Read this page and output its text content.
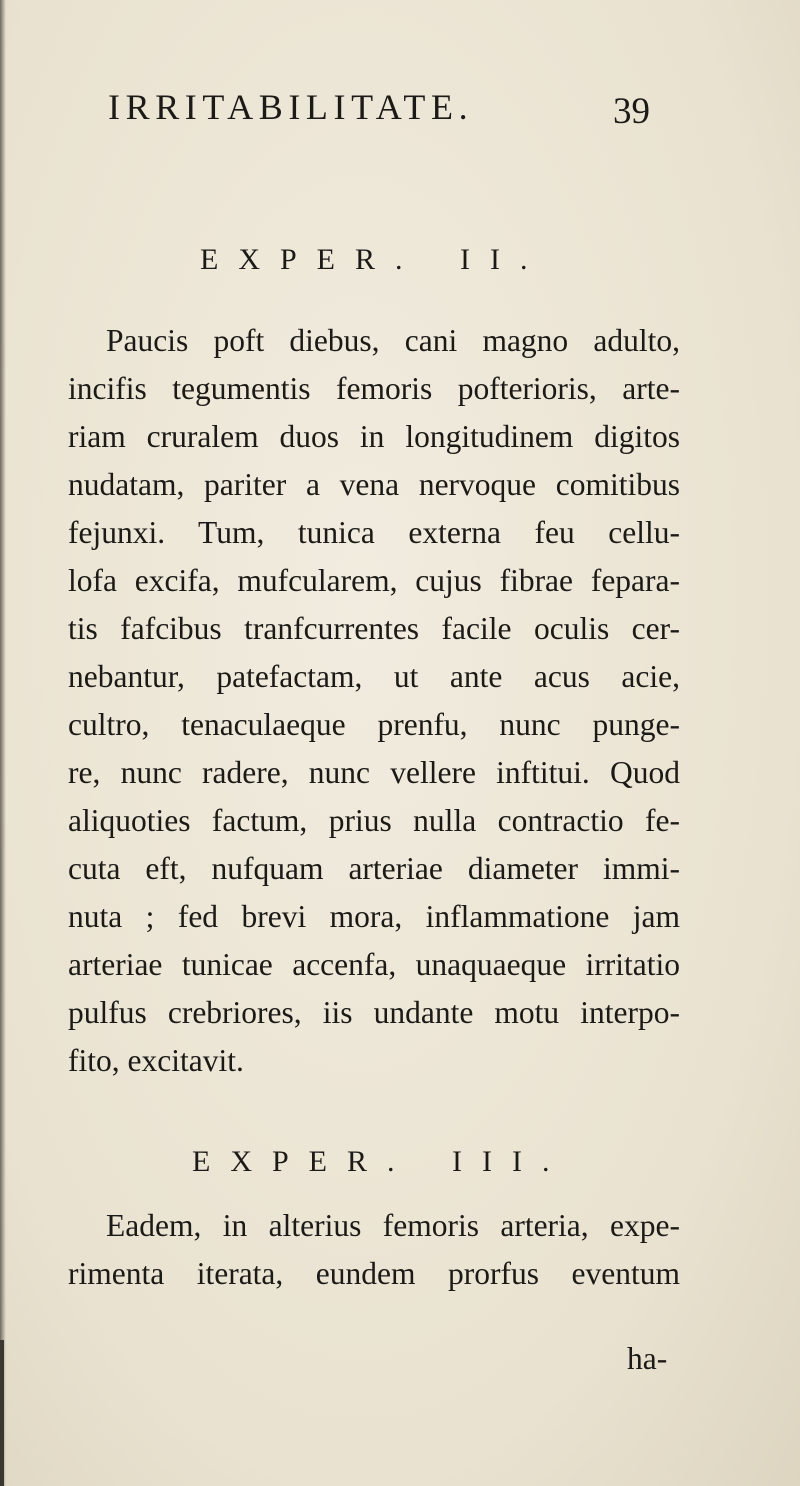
IRRITABILITATE.	39
EXPER. II.
Paucis poft diebus, cani magno adulto,
incifis tegumentis femoris pofterioris, arte-
riam cruralem duos in longitudinem digitos
nudatam, pariter a vena nervoque comitibus
fejunxi. Tum, tunica externa feu cellu-
lofa excifa, mufcularem, cujus fibrae fepara-
tis fafcibus tranfcurrentes facile oculis cer-
nebantur, patefactam, ut ante acus acie,
cultro, tenaculaeque prenfu, nunc punge-
re, nunc radere, nunc vellere inftitui. Quod
aliquoties factum, prius nulla contractio fe-
cuta eft, nufquam arteriae diameter immi-
nuta ; fed brevi mora, inflammatione jam
arteriae tunicae accenfa, unaquaeque irritatio
pulfus crebriores, iis undante motu interpo-
fito, excitavit.
EXPER. III.
Eadem, in alterius femoris arteria, expe-
rimenta iterata, eundem prorfus eventum
ha-
